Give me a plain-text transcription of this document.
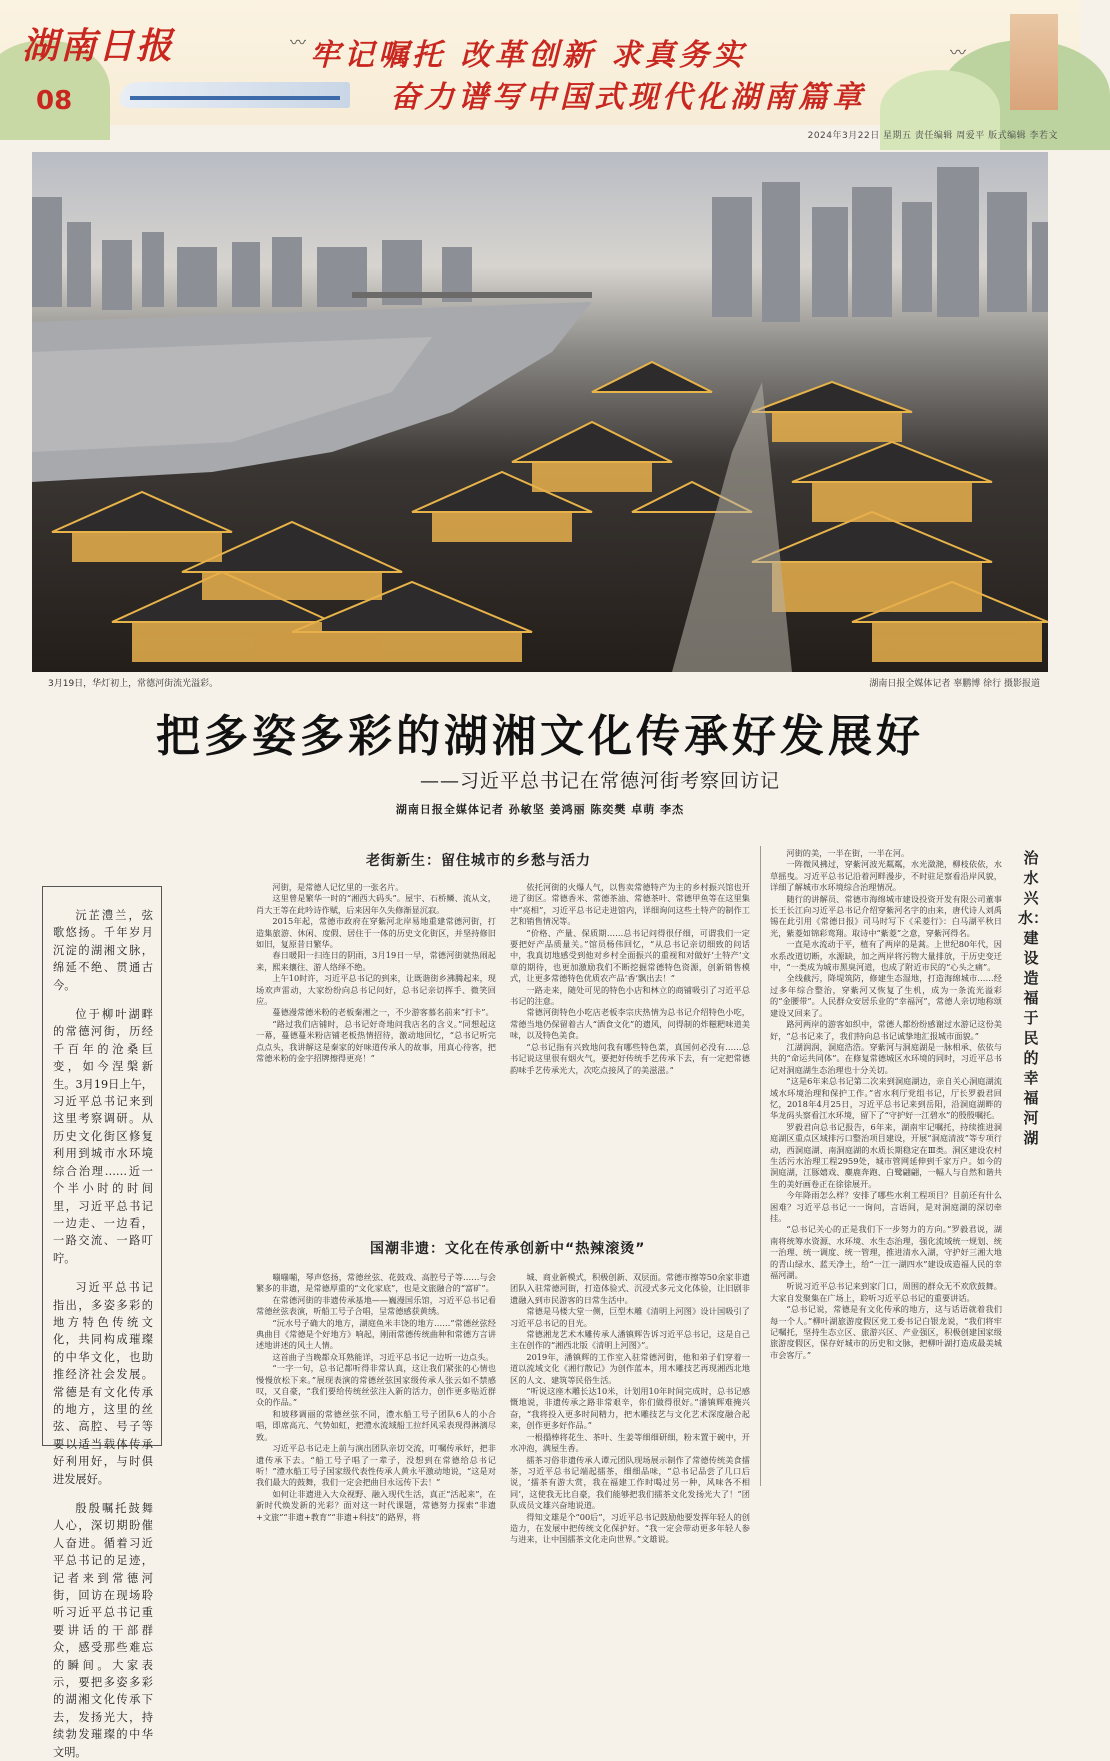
〰
〰
湖南日报
08
牢记嘱托 改革创新 求真务实
奋力谱写中国式现代化湖南篇章
2024年3月22日 星期五 责任编辑 周爱平 版式编辑 李若文
3月19日，华灯初上，常德河街流光溢彩。	湖南日报全媒体记者 辜鹏博 徐行 摄影报道
把多姿多彩的湖湘文化传承好发展好
——习近平总书记在常德河街考察回访记
湖南日报全媒体记者 孙敏坚 姜鸿丽 陈奕樊 卓萌 李杰

沅芷澧兰，弦歌悠扬。千年岁月沉淀的湖湘文脉，绵延不绝、贯通古今。

位于柳叶湖畔的常德河街，历经千百年的沧桑巨变，如今涅槃新生。3月19日上午，习近平总书记来到这里考察调研。从历史文化街区修复利用到城市水环境综合治理……近一个半小时的时间里，习近平总书记一边走、一边看，一路交流、一路叮咛。

习近平总书记指出，多姿多彩的地方特色传统文化，共同构成璀璨的中华文化，也助推经济社会发展。常德是有文化传承的地方，这里的丝弦、高腔、号子等要以适当载体传承好利用好，与时俱进发展好。

殷殷嘱托鼓舞人心，深切期盼催人奋进。循着习近平总书记的足迹，记者来到常德河街，回访在现场聆听习近平总书记重要讲话的干部群众，感受那些难忘的瞬间。大家表示，要把多姿多彩的湖湘文化传承下去，发扬光大，持续勃发璀璨的中华文明。

老街新生：留住城市的乡愁与活力

河街，是常德人记忆里的一张名片。

这里曾是繁华一时的“湘西大码头”。屋宇、石桥鳞、流从文，肖大王等在此吟诗作赋，后来因年久失修渐显沉寂。

2015年起，常德市政府在穿紫河北岸易地重建常德河街，打造集旅游、休闲、度假、居住于一体的历史文化街区，并坚持修旧如旧，复原昔日繁华。

春日暖阳一扫连日的阴雨，3月19日一早，常德河街就热闹起来，熙来攘往、游人络绎不绝。

上午10时许，习近平总书记的到来，让既谐街乡沸腾起来，现场欢声雷动，大家纷纷向总书记问好，总书记亲切挥手、微笑回应。

蔓德漫常德米粉的老板秦湘之一，不少游客慕名前来“打卡”。

“路过我们店铺时，总书记好奇地问我店名的含义。”同想起这一幕，蔓德蔓米粉店铺老板热情招待，激动地回忆，“总书记听完点点头，我讲解这是秦家的好味道传承人的故事，用真心待客，把常德米粉的金字招牌擦得更亮！”

依托河街的火爆人气，以售卖常德特产为主的乡村振兴馆也开进了街区。常德香米、常德茶油、常德茶叶、常德甲鱼等在这里集中“亮相”，习近平总书记走进馆内，详细询问这些土特产的制作工艺和销售情况等。

“价格、产量、保质期……总书记问得很仔细，可谓我们一定要把好产品质量关。”馆员杨伟回忆，“从总书记亲切细致的问话中，我真切地感受到他对乡村全面振兴的重视和对做好‘土特产’文章的期待，也更加激励我们不断挖掘常德特色资源，创新销售模式，让更多常德特色优质农产品‘香’飘出去！”

一路走来，随处可见的特色小店和林立的商铺吸引了习近平总书记的注意。

常德河街特色小吃店老板李宗庆热情为总书记介绍特色小吃，常德当地仍保留着古人“酒食文化”的遗风，问得制的炸糍粑味道美味，以及特色美食。

“总书记指有兴致地问我有哪些特色菜，真国何必没有……总书记说这里很有烟火气，要把好传统手艺传承下去，有一定把常德韵味手艺传承光大，次吃点接风了的美滋滋。”

国潮非遗：文化在传承创新中“热辣滚烫”

嘣嘣嘣，琴声悠扬，常德丝弦、花鼓戏、高腔号子等……与会繁多的非遗，是常德厚重的“文化家底”，也是文旅融合的“富矿”。

在常德河街的非遗传承基地——巍漫国乐馆，习近平总书记看常德丝弦表演，听船工号子合唱，呈常德感获黄绣。

“沅水号子确大的地方，湖庭鱼米丰饶的地方……”常德丝弦经典曲目《常德是个好地方》响起，刚雨常德传统曲种和常德方言讲述地讲述的风土人情。

这首曲子当晚都众耳熟能详，习近平总书记一边听一边点头。

“一字一句，总书记都听得非常认真，这让我们紧张的心情也慢慢放松下来。”展现表演的常德丝弦国家级传承人张云如不禁感叹，又自豪，“我们要给传统丝弦注入新的活力，创作更多贴近群众的作品。”

和坡移调丽的常德丝弦不同，澧水船工号子团队6人的小合唱，即席高亢、气势如虹，把澧水流域船工拉纤风采表现得淋漓尽致。

习近平总书记走上前与演出团队亲切交流，叮嘱传承好，把非遗传承下去。“船工号子唱了一辈子，没想到在常德给总书记听！”澧水船工号子国家级代表性传承人黄永平激动地说，“这是对我们最大的鼓舞，我们一定会把曲目永远传下去！”

如何让非遗进入大众视野、融入现代生活，真正“活起来”，在新时代焕发新的光彩？面对这一时代课题，常德努力探索“非遗+文旅”“非遗+教育”“非遗+科技”的路界，将

城、商业新模式，积极创新、双层面。常德市擦等50余家非遗团队入驻常德河街，打造体验式、沉浸式多元文化体验，让旧剧非遗融入到市民游客的日常生活中。

常德是马楼大堂一侧，巨型木雕《清明上河图》设计国吸引了习近平总书记的目光。

常德湘龙艺术木雕传承人潘镇辉告诉习近平总书记，这是自己主在创作的“湘西北版《清明上河图》”。

2019年，潘镇辉的工作室入驻常德河街，他和弟子们穿着一道以流域文化《湘行散记》为创作蓝本，用木雕技艺再现湘西北地区的人文、建筑等民俗生活。

“听说这座木雕长达10米，计划用10年时间完成时，总书记感慨地说，非遗传承之路非常艰辛，你们做得很好。”潘镇辉难掩兴奋，“我将投入更多时间精力，把木雕技艺与文化艺术深度融合起来，创作更多好作品。”

一根搨棒将花生、茶叶、生姜等细细研细，粉末置于碗中，开水冲泡，满屋生香。

擂茶习俗非遗传承人谭元团队现场展示制作了常德传统美食擂茶，习近平总书记端起擂茶，细细品味，“总书记品尝了几口后说，‘擂茶有游大赏，我在福建工作时喝过另一种，风味各不相同’，这使我无比自豪，我们能够把我们擂茶文化发扬光大了！”团队成员文雄兴奋地说道。

得知文雄是个“00后”，习近平总书记鼓励他要发挥年轻人的创造力，在发展中把传统文化保护好。“我一定会带动更多年轻人参与进来，让中国擂茶文化走向世界。”文雄说。

河街的美，一半在街，一半在河。

一阵微风拂过，穿紫河波光粼粼，水光潋滟，柳枝依依，水草摇曳。习近平总书记沿着河畔漫步，不时驻足察看沿岸风貌，详细了解城市水环境综合治理情况。

随行的讲解员、常德市海绵城市建设投资开发有限公司董事长王长江向习近平总书记介绍穿紫河名字的由来，唐代诗人刘禹锡在此引用《常德日报》司马时写下《采菱行》：白马湖平秋日光，紫菱如锦彩鸾翔。取诗中“紫菱”之意，穿紫河得名。

一直是水流动于平，植有了两岸的是蒿。上世纪80年代，因水系改道切断，水源缺，加之两岸将污物大量排放，于历史变迁中，“一类成为城市黑臭河道，也成了附近市民的“心头之痛”。

全线截污，降堤筑防，修建生态湿地，打造海绵城市……经过多年综合整治，穿紫河又恢复了生机，成为一条流光溢彩的“金腰带”。人民群众安居乐业的“幸福河”，常德人亲切地称颂建设又回来了。

路河两岸的游客如织中，常德人都纷纷感谢过水游记这份美好，“总书记来了，我们特向总书记诚挚地汇报城市面貌。”

江湖润润，洞庭浩浩。穿紫河与洞庭湖是一脉相承、依依与共的“命运共同体”。在修复常德城区水环境的同时，习近平总书记对洞庭湖生态治理也十分关切。

“这是6年来总书记第二次来到洞庭湖边，亲自关心洞庭湖流域水环境治理和保护工作。”省水利厅党组书记，厅长罗毅君回忆，2018年4月25日，习近平总书记来到岳阳，沿洞庭湖畔的华龙码头察看江水环境，留下了“守护好一江碧水”的殷殷嘱托。

罗毅君向总书记报告，6年来，湖南牢记嘱托，持续推进洞庭湖区重点区域排污口整治项目建设，开展“洞庭清波”等专项行动，西洞庭湖、南洞庭湖的水质长期稳定在Ⅲ类。洞区建设农村生活污水治理工程2959处，城市管网延伸到千家万户。如今的洞庭湖，江豚嬉戏、麋鹿奔跑、白鹭翩翩，一幅人与自然和谐共生的美好画卷正在徐徐展开。

今年降雨怎么样？安排了哪些水利工程项目？目前还有什么困难？习近平总书记一一询问，言语间，是对洞庭湖的深切牵挂。

“总书记关心的正是我们下一步努力的方向。”罗毅君说，湖南将统筹水资源、水环境、水生态治理，强化流域统一规划、统一治理、统一调度、统一管理，推进清水入湖，守护好三湘大地的青山绿水、蓝天净土，给“一江一湖四水”建设成造福人民的幸福河湖。

听说习近平总书记来到家门口，周围的群众无不欢欣鼓舞。大家自发聚集在广场上，聆听习近平总书记的重要讲话。

“总书记说，常德是有文化传承的地方，这与话语就着我们每一个人。”柳叶湖旅游度假区党工委书记白银龙说，“我们将牢记嘱托，坚持生态立区、旅游兴区、产业强区，积极创建国家级旅游度假区，保存好城市的历史和文脉，把柳叶湖打造成最美城市会客厅。”

治水兴水：建设造福于民的幸福河湖
